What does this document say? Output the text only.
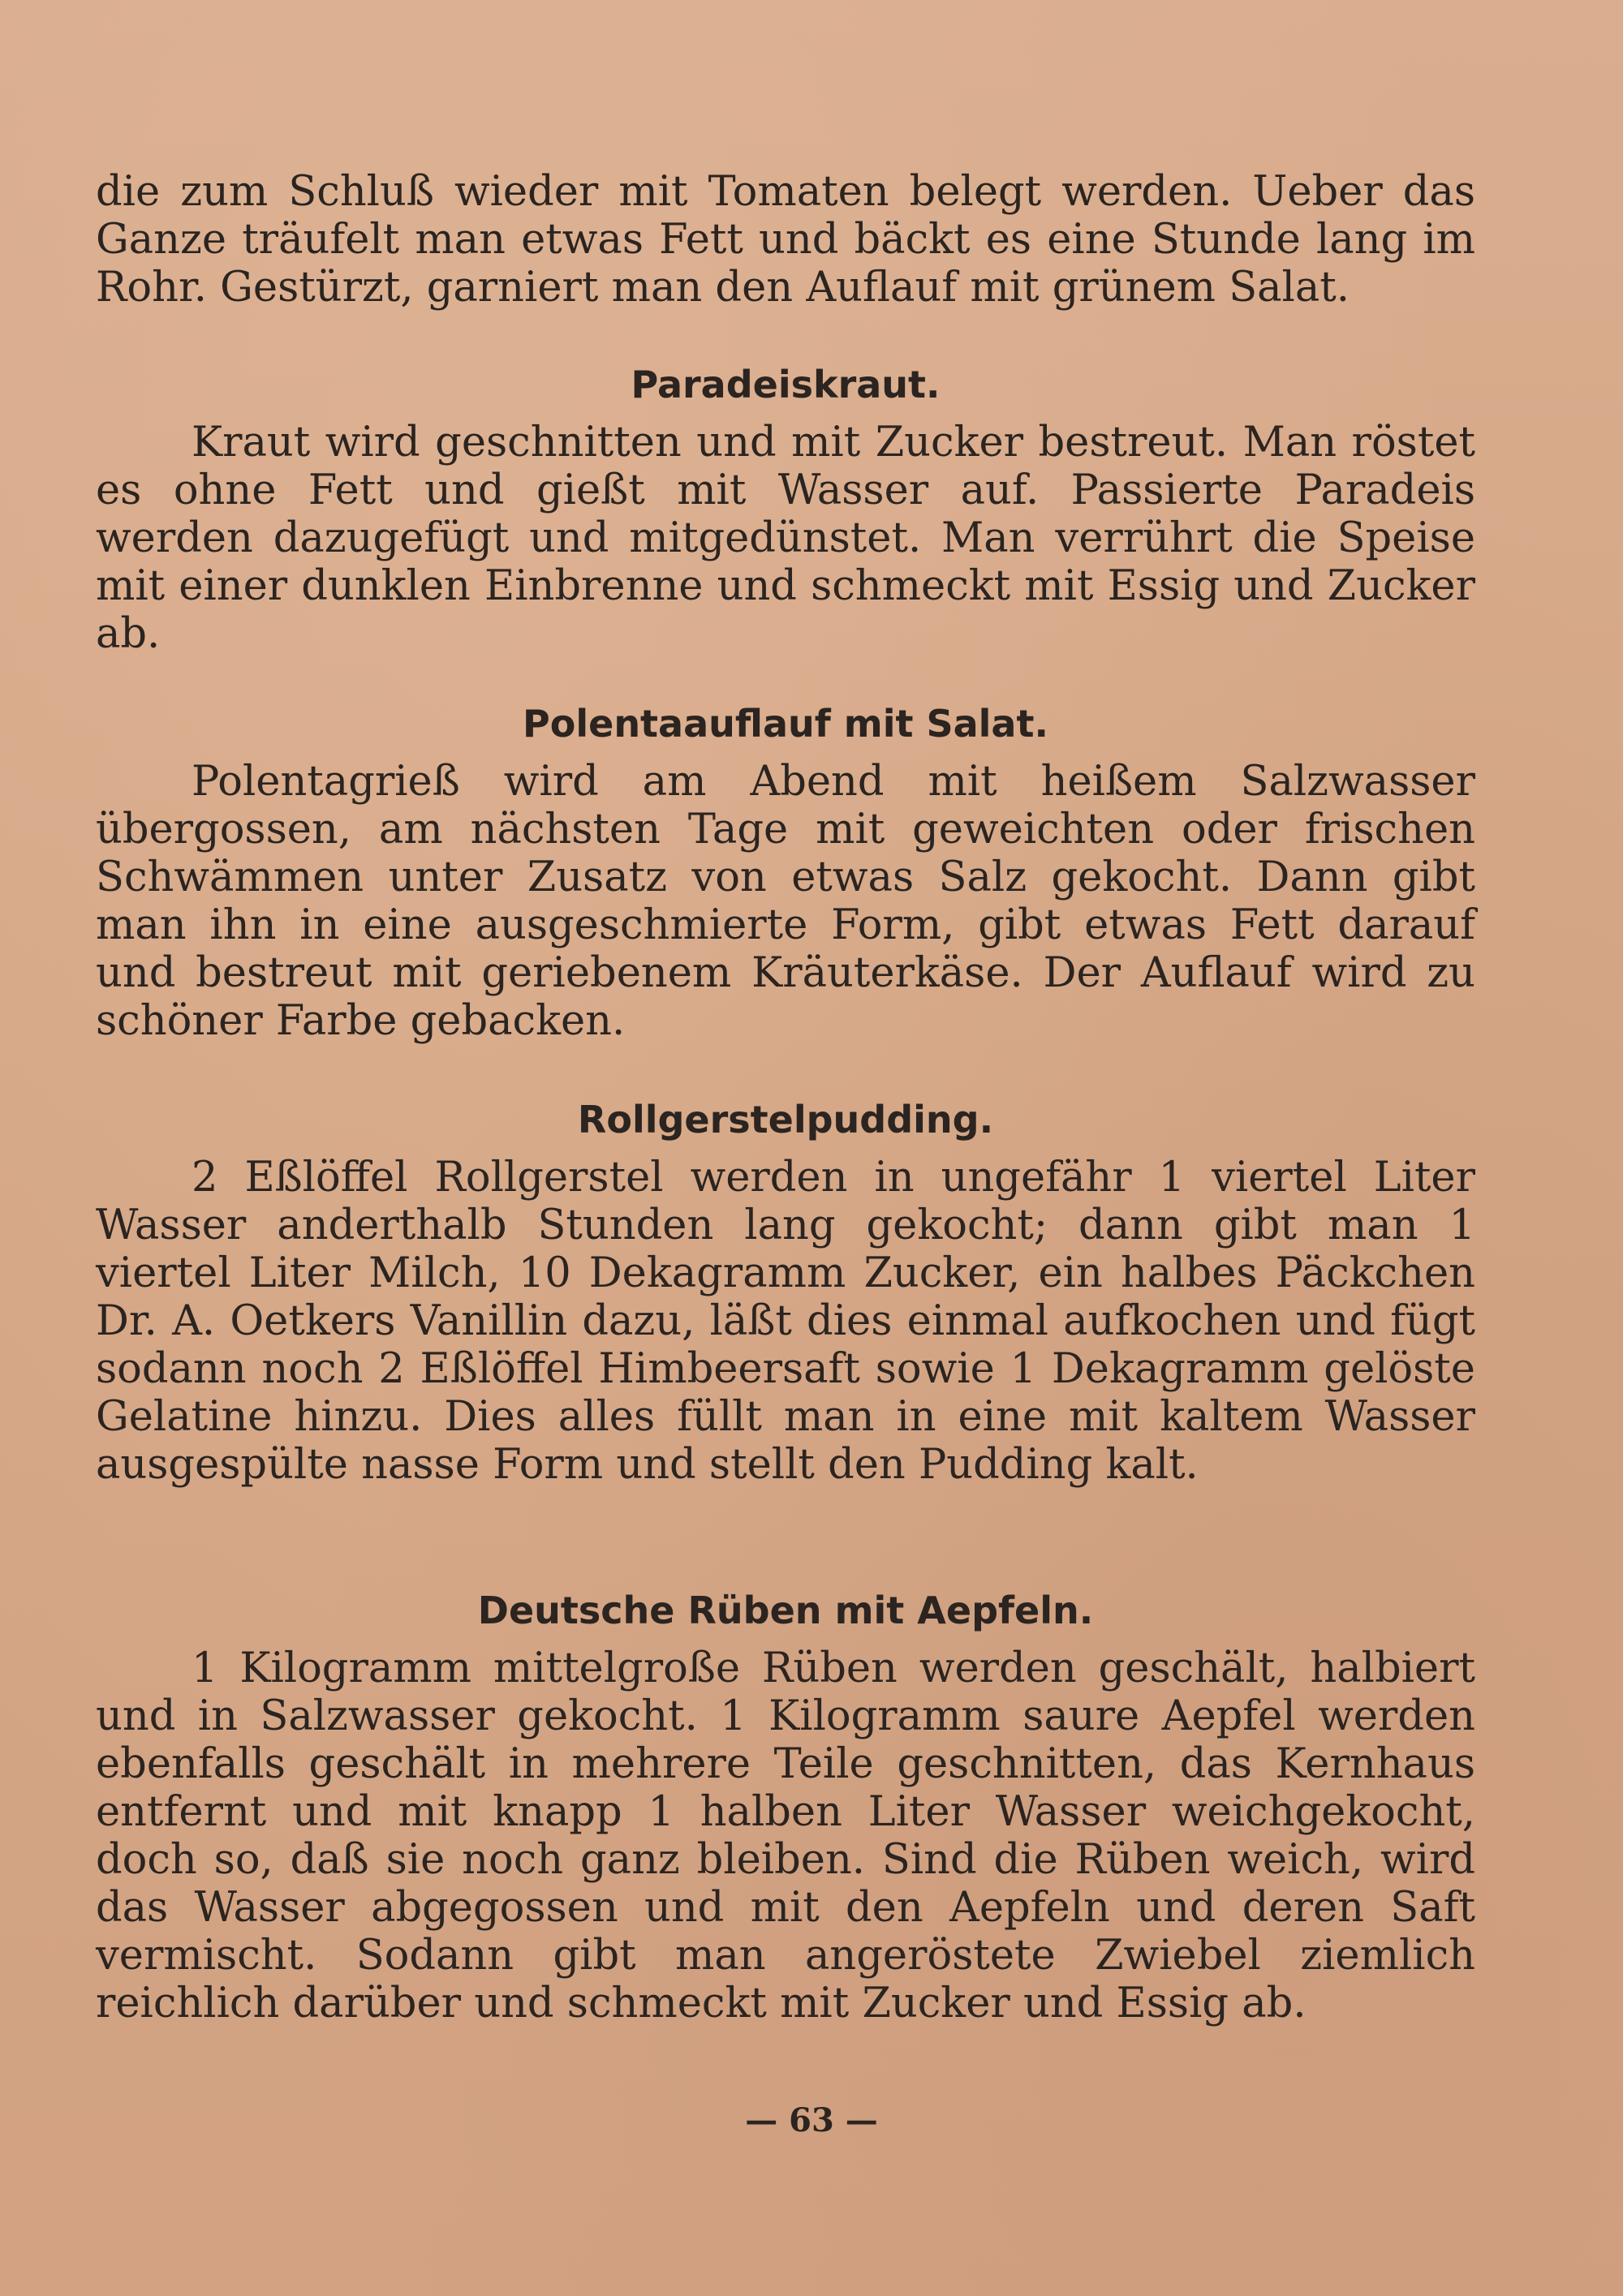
die zum Schluß wieder mit Tomaten belegt werden. Ueber das Ganze träufelt man etwas Fett und bäckt es eine Stunde lang im Rohr. Gestürzt, garniert man den Auflauf mit grünem Salat.

Paradeiskraut.

Kraut wird geschnitten und mit Zucker bestreut. Man röstet es ohne Fett und gießt mit Wasser auf. Passierte Paradeis werden dazugefügt und mitgedünstet. Man verrührt die Speise mit einer dunklen Einbrenne und schmeckt mit Essig und Zucker ab.

Polentaauflauf mit Salat.

Polentagrieß wird am Abend mit heißem Salzwasser übergossen, am nächsten Tage mit geweichten oder frischen Schwämmen unter Zusatz von etwas Salz gekocht. Dann gibt man ihn in eine ausgeschmierte Form, gibt etwas Fett darauf und bestreut mit geriebenem Kräuterkäse. Der Auflauf wird zu schöner Farbe gebacken.

Rollgerstelpudding.

2 Eßlöffel Rollgerstel werden in ungefähr 1 viertel Liter Wasser anderthalb Stunden lang gekocht; dann gibt man 1 viertel Liter Milch, 10 Dekagramm Zucker, ein halbes Päckchen Dr. A. Oetkers Vanillin dazu, läßt dies einmal aufkochen und fügt sodann noch 2 Eßlöffel Himbeersaft sowie 1 Dekagramm gelöste Gelatine hinzu. Dies alles füllt man in eine mit kaltem Wasser ausgespülte nasse Form und stellt den Pudding kalt.

Deutsche Rüben mit Aepfeln.

1 Kilogramm mittelgroße Rüben werden geschält, halbiert und in Salzwasser gekocht. 1 Kilogramm saure Aepfel werden ebenfalls geschält in mehrere Teile geschnitten, das Kernhaus entfernt und mit knapp 1 halben Liter Wasser weichgekocht, doch so, daß sie noch ganz bleiben. Sind die Rüben weich, wird das Wasser abgegossen und mit den Aepfeln und deren Saft vermischt. Sodann gibt man angeröstete Zwiebel ziemlich reichlich darüber und schmeckt mit Zucker und Essig ab.

— 63 —
